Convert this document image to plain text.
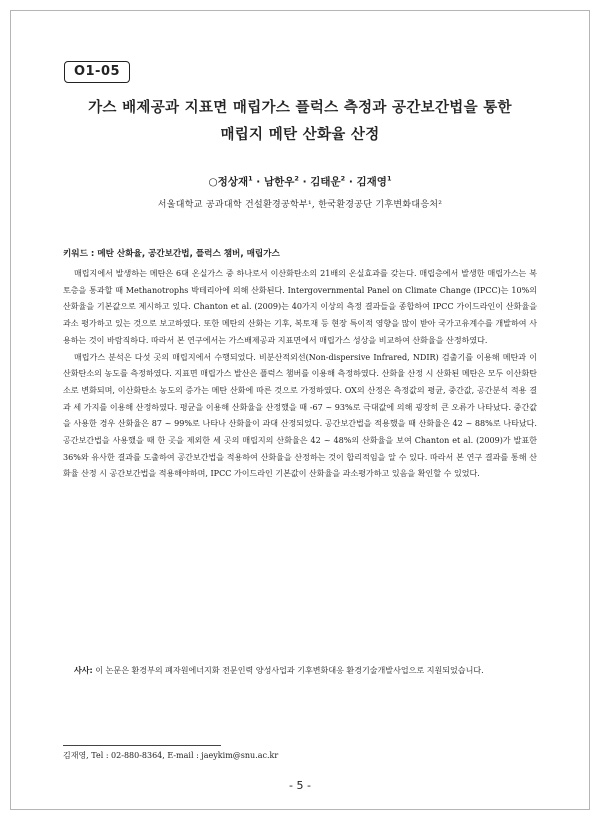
O1-05
가스 배제공과 지표면 매립가스 플럭스 측정과 공간보간법을 통한
매립지 메탄 산화율 산정
○정상재$^1$ · 남한우$^2$ · 김태운$^2$ · 김재영$^1$
서울대학교 공과대학 건설환경공학부¹, 한국환경공단 기후변화대응처²
키워드 : 메탄 산화율, 공간보간법, 플럭스 챔버, 매립가스

매립지에서 발생하는 메탄은 6대 온실가스 중 하나로서 이산화탄소의 21배의 온실효과를 갖는다. 매립층에서 발생한 매립가스는 복토층을 통과할 때 Methanotrophs 박테리아에 의해 산화된다. Intergovernmental Panel on Climate Change (IPCC)는 10%의 산화율을 기본값으로 제시하고 있다. Chanton et al. (2009)는 40가지 이상의 측정 결과들을 종합하여 IPCC 가이드라인이 산화율을 과소 평가하고 있는 것으로 보고하였다. 또한 메탄의 산화는 기후, 복토재 등 현장 특이적 영향을 많이 받아 국가고유계수를 개발하여 사용하는 것이 바람직하다. 따라서 본 연구에서는 가스배제공과 지표면에서 매립가스 성상을 비교하여 산화율을 산정하였다.

매립가스 분석은 다섯 곳의 매립지에서 수행되었다. 비분산적외선(Non-dispersive Infrared, NDIR) 검출기를 이용해 메탄과 이산화탄소의 농도를 측정하였다. 지표면 매립가스 발산은 플럭스 챔버를 이용해 측정하였다. 산화율 산정 시 산화된 메탄은 모두 이산화탄소로 변화되며, 이산화탄소 농도의 증가는 메탄 산화에 따른 것으로 가정하였다. OX의 산정은 측정값의 평균, 중간값, 공간분석 적용 결과 세 가지를 이용해 산정하였다. 평균을 이용해 산화율을 산정했을 때 -67 ~ 93%로 극대값에 의해 굉장히 큰 오류가 나타났다. 중간값을 사용한 경우 산화율은 87 ~ 99%로 나타나 산화율이 과대 산정되었다. 공간보간법을 적용했을 때 산화율은 42 ~ 88%로 나타났다. 공간보간법을 사용했을 때 한 곳을 제외한 세 곳의 매립지의 산화율은 42 ~ 48%의 산화율을 보여 Chanton et al. (2009)가 발표한 36%와 유사한 결과를 도출하여 공간보간법을 적용하여 산화율을 산정하는 것이 합리적임을 알 수 있다. 따라서 본 연구 결과를 통해 산화율 산정 시 공간보간법을 적용해야하며, IPCC 가이드라인 기본값이 산화율을 과소평가하고 있음을 확인할 수 있었다.

사사: 이 논문은 환경부의 폐자원에너지화 전문인력 양성사업과 기후변화대응 환경기술개발사업으로 지원되었습니다.

김재영, Tel : 02-880-8364, E-mail : jaeykim@snu.ac.kr
- 5 -
